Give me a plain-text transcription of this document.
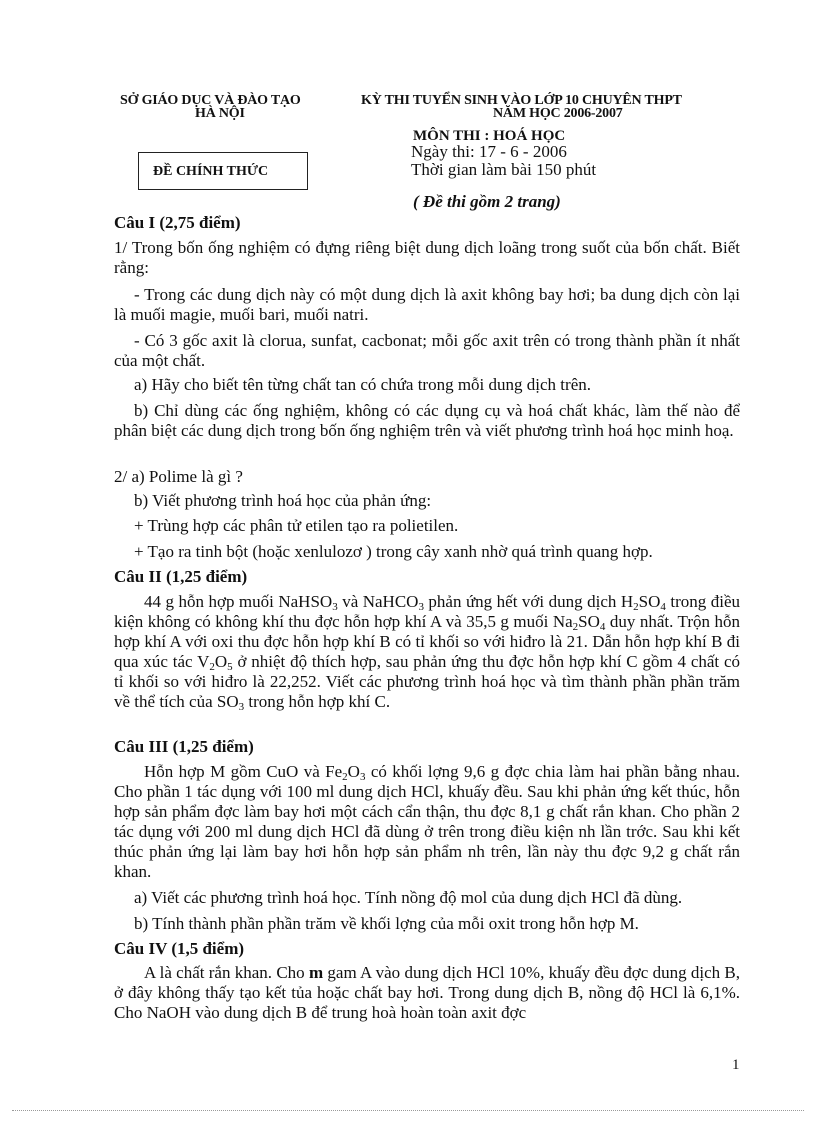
SỞ GIÁO DỤC VÀ ĐÀO TẠO
HÀ NỘI
KỲ THI TUYỂN SINH VÀO LỚP 10 CHUYÊN THPT
NĂM HỌC 2006-2007
MÔN THI : HOÁ HỌC
Ngày thi: 17 - 6 - 2006
Thời gian làm bài 150 phút
( Đề thi gồm 2 trang)
ĐỀ CHÍNH THỨC
Câu I (2,75 điểm)
1/ Trong bốn ống nghiệm có đựng riêng biệt dung dịch loãng trong suốt của bốn chất. Biết rằng:
- Trong các dung dịch này có một dung dịch là axit không bay hơi; ba dung dịch còn lại là muối magie, muối bari, muối natri.
- Có 3 gốc axit là clorua, sunfat, cacbonat; mỗi gốc axit trên có trong thành phần ít nhất của một chất.
a) Hãy cho biết tên từng chất tan có chứa trong mỗi dung dịch trên.
b) Chỉ dùng các ống nghiệm, không có các dụng cụ và hoá chất khác, làm thế nào để phân biệt các dung dịch trong bốn ống nghiệm trên và viết phương trình hoá học minh hoạ.
2/ a) Polime là gì ?
b) Viết phương trình hoá học của phản ứng:
+ Trùng hợp các phân tử etilen tạo ra polietilen.
+ Tạo ra tinh bột (hoặc xenlulozơ ) trong cây xanh nhờ quá trình quang hợp.
Câu II (1,25 điểm)
44 g hỗn hợp muối NaHSO$_3$ và NaHCO$_3$ phản ứng hết với dung dịch $H_2SO_4$ trong điều kiện không có không khí thu đợc hỗn hợp khí A và 35,5 g muối $Na_2SO_4$ duy nhất. Trộn hỗn hợp khí A với oxi thu đợc hỗn hợp khí B có tỉ khối so với hiđro là 21. Dẫn hỗn hợp khí B đi qua xúc tác $V_2O_5$ ở nhiệt độ thích hợp, sau phản ứng thu đợc hỗn hợp khí C gồm 4 chất có tỉ khối so với hiđro là 22,252. Viết các phương trình hoá học và tìm thành phần phần trăm về thể tích của $SO_3$ trong hỗn hợp khí C.
Câu III (1,25 điểm)
Hỗn hợp M gồm CuO và $Fe_2O_3$ có khối lợng 9,6 g đợc chia làm hai phần bằng nhau. Cho phần 1 tác dụng với 100 ml dung dịch HCl, khuấy đều. Sau khi phản ứng kết thúc, hỗn hợp sản phẩm đợc làm bay hơi một cách cẩn thận, thu đợc 8,1 g chất rắn khan. Cho phần 2 tác dụng với 200 ml dung dịch HCl đã dùng ở trên trong điều kiện nh lần trớc. Sau khi kết thúc phản ứng lại làm bay hơi hỗn hợp sản phẩm nh trên, lần này thu đợc 9,2 g chất rắn khan.
a) Viết các phương trình hoá học. Tính nồng độ mol của dung dịch HCl đã dùng.
b) Tính thành phần phần trăm về khối lợng của mỗi oxit trong hỗn hợp M.
Câu IV (1,5 điểm)
A là chất rắn khan. Cho m gam A vào dung dịch HCl 10%, khuấy đều đợc dung dịch B, ở đây không thấy tạo kết tủa hoặc chất bay hơi. Trong dung dịch B, nồng độ HCl là 6,1%. Cho NaOH vào dung dịch B để trung hoà hoàn toàn axit đợc
1
